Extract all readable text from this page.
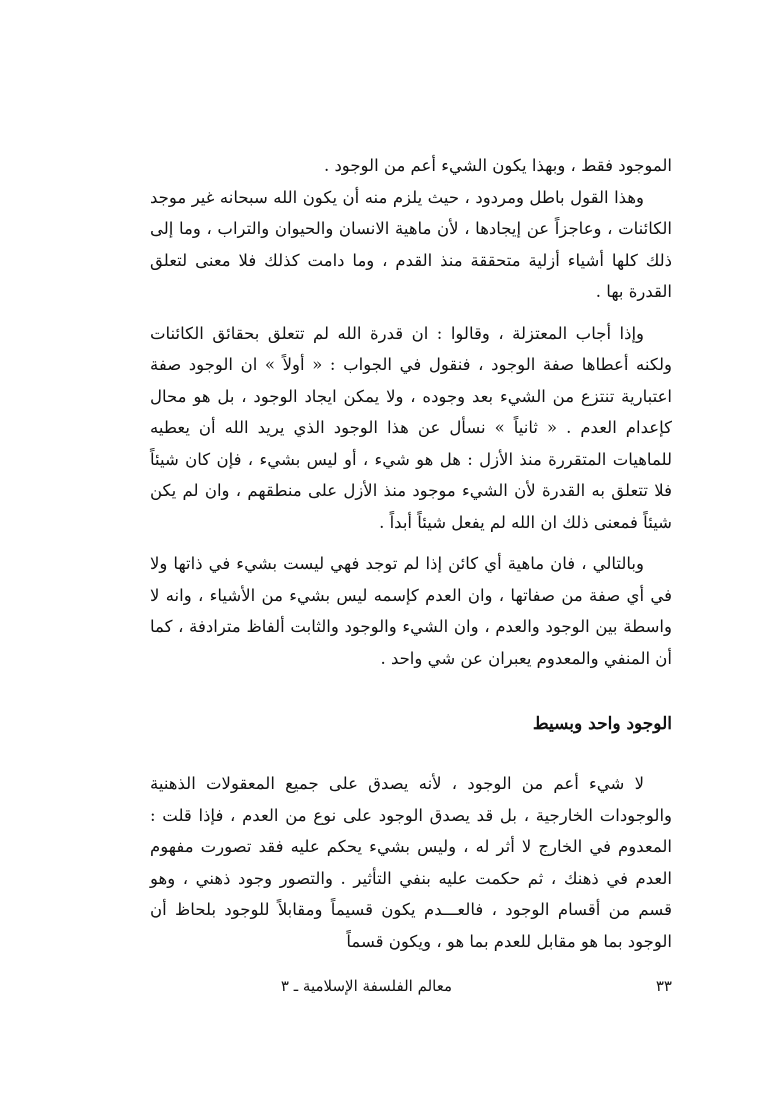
الموجود فقط ، وبهذا يكون الشيء أعم من الوجود .

وهذا القول باطل ومردود ، حيث يلزم منه أن يكون الله سبحانه غير موجد الكائنات ، وعاجزاً عن إيجادها ، لأن ماهية الانسان والحيوان والتراب ، وما إلى ذلك كلها أشياء أزلية متحققة منذ القدم ، وما دامت كذلك فلا معنى لتعلق القدرة بها .

وإذا أجاب المعتزلة ، وقالوا : ان قدرة الله لم تتعلق بحقائق الكائنات ولكنه أعطاها صفة الوجود ، فنقول في الجواب : « أولاً » ان الوجود صفة اعتبارية تنتزع من الشيء بعد وجوده ، ولا يمكن ايجاد الوجود ، بل هو محال كإعدام العدم . « ثانياً » نسأل عن هذا الوجود الذي يريد الله أن يعطيه للماهيات المتقررة منذ الأزل : هل هو شيء ، أو ليس بشيء ، فإن كان شيئاً فلا تتعلق به القدرة لأن الشيء موجود منذ الأزل على منطقهم ، وان لم يكن شيئاً فمعنى ذلك ان الله لم يفعل شيئاً أبداً .

وبالتالي ، فان ماهية أي كائن إذا لم توجد فهي ليست بشيء في ذاتها ولا في أي صفة من صفاتها ، وان العدم كإسمه ليس بشيء من الأشياء ، وانه لا واسطة بين الوجود والعدم ، وان الشيء والوجود والثابت ألفاظ مترادفة ، كما أن المنفي والمعدوم يعبران عن شي واحد .

الوجود واحد وبسيط

لا شيء أعم من الوجود ، لأنه يصدق على جميع المعقولات الذهنية والوجودات الخارجية ، بل قد يصدق الوجود على نوع من العدم ، فإذا قلت : المعدوم في الخارج لا أثر له ، وليس بشيء يحكم عليه فقد تصورت مفهوم العدم في ذهنك ، ثم حكمت عليه بنفي التأثير . والتصور وجود ذهني ، وهو قسم من أقسام الوجود ، فالعـــدم يكون قسيماً ومقابلاً للوجود بلحاظ أن الوجود بما هو مقابل للعدم بما هو ، ويكون قسماً

٣٣
معالم الفلسفة الإسلامية ـ ٣
